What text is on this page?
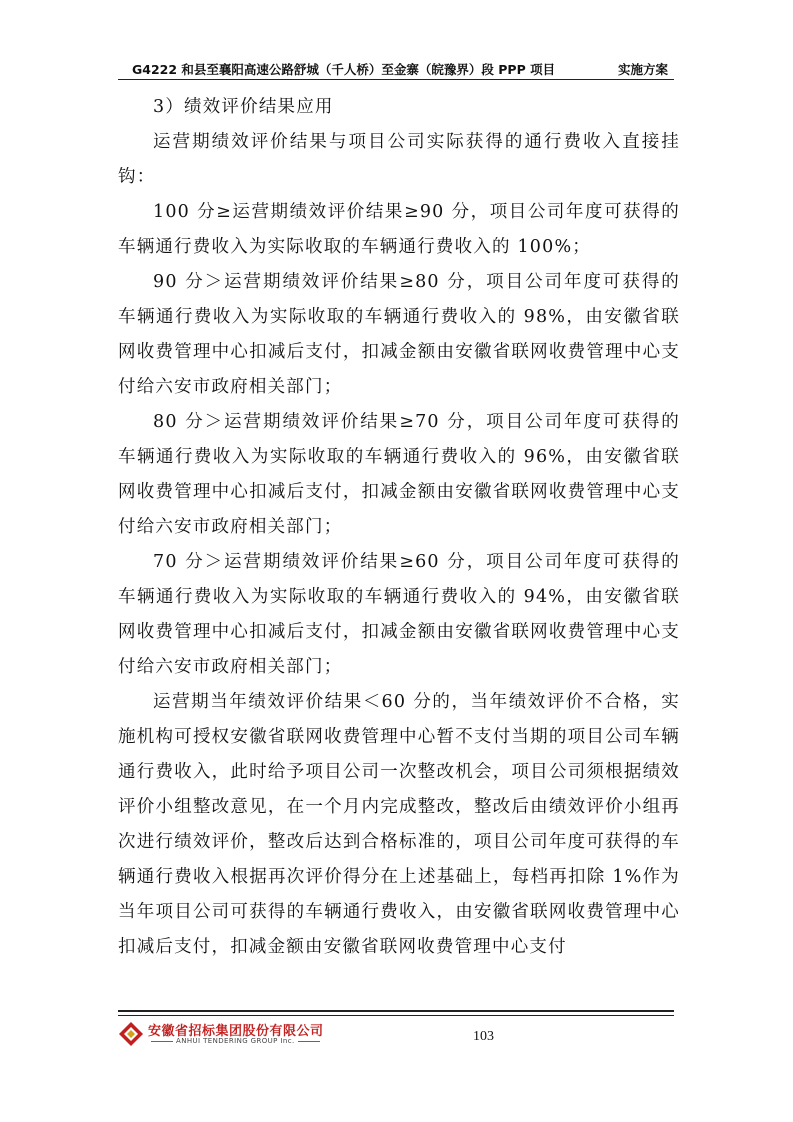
G4222 和县至襄阳高速公路舒城（千人桥）至金寨（皖豫界）段 PPP 项目	实施方案

3）绩效评价结果应用

运营期绩效评价结果与项目公司实际获得的通行费收入直接挂钩：

100 分≥运营期绩效评价结果≥90 分，项目公司年度可获得的车辆通行费收入为实际收取的车辆通行费收入的 100%；

90 分＞运营期绩效评价结果≥80 分，项目公司年度可获得的车辆通行费收入为实际收取的车辆通行费收入的 98%，由安徽省联网收费管理中心扣减后支付，扣减金额由安徽省联网收费管理中心支付给六安市政府相关部门；

80 分＞运营期绩效评价结果≥70 分，项目公司年度可获得的车辆通行费收入为实际收取的车辆通行费收入的 96%，由安徽省联网收费管理中心扣减后支付，扣减金额由安徽省联网收费管理中心支付给六安市政府相关部门；

70 分＞运营期绩效评价结果≥60 分，项目公司年度可获得的车辆通行费收入为实际收取的车辆通行费收入的 94%，由安徽省联网收费管理中心扣减后支付，扣减金额由安徽省联网收费管理中心支付给六安市政府相关部门；

运营期当年绩效评价结果＜60 分的，当年绩效评价不合格，实施机构可授权安徽省联网收费管理中心暂不支付当期的项目公司车辆通行费收入，此时给予项目公司一次整改机会，项目公司须根据绩效评价小组整改意见，在一个月内完成整改，整改后由绩效评价小组再次进行绩效评价，整改后达到合格标准的，项目公司年度可获得的车辆通行费收入根据再次评价得分在上述基础上，每档再扣除 1%作为当年项目公司可获得的车辆通行费收入，由安徽省联网收费管理中心扣减后支付，扣减金额由安徽省联网收费管理中心支付

安徽省招标集团股份有限公司
ANHUI TENDERING GROUP Inc.	103
